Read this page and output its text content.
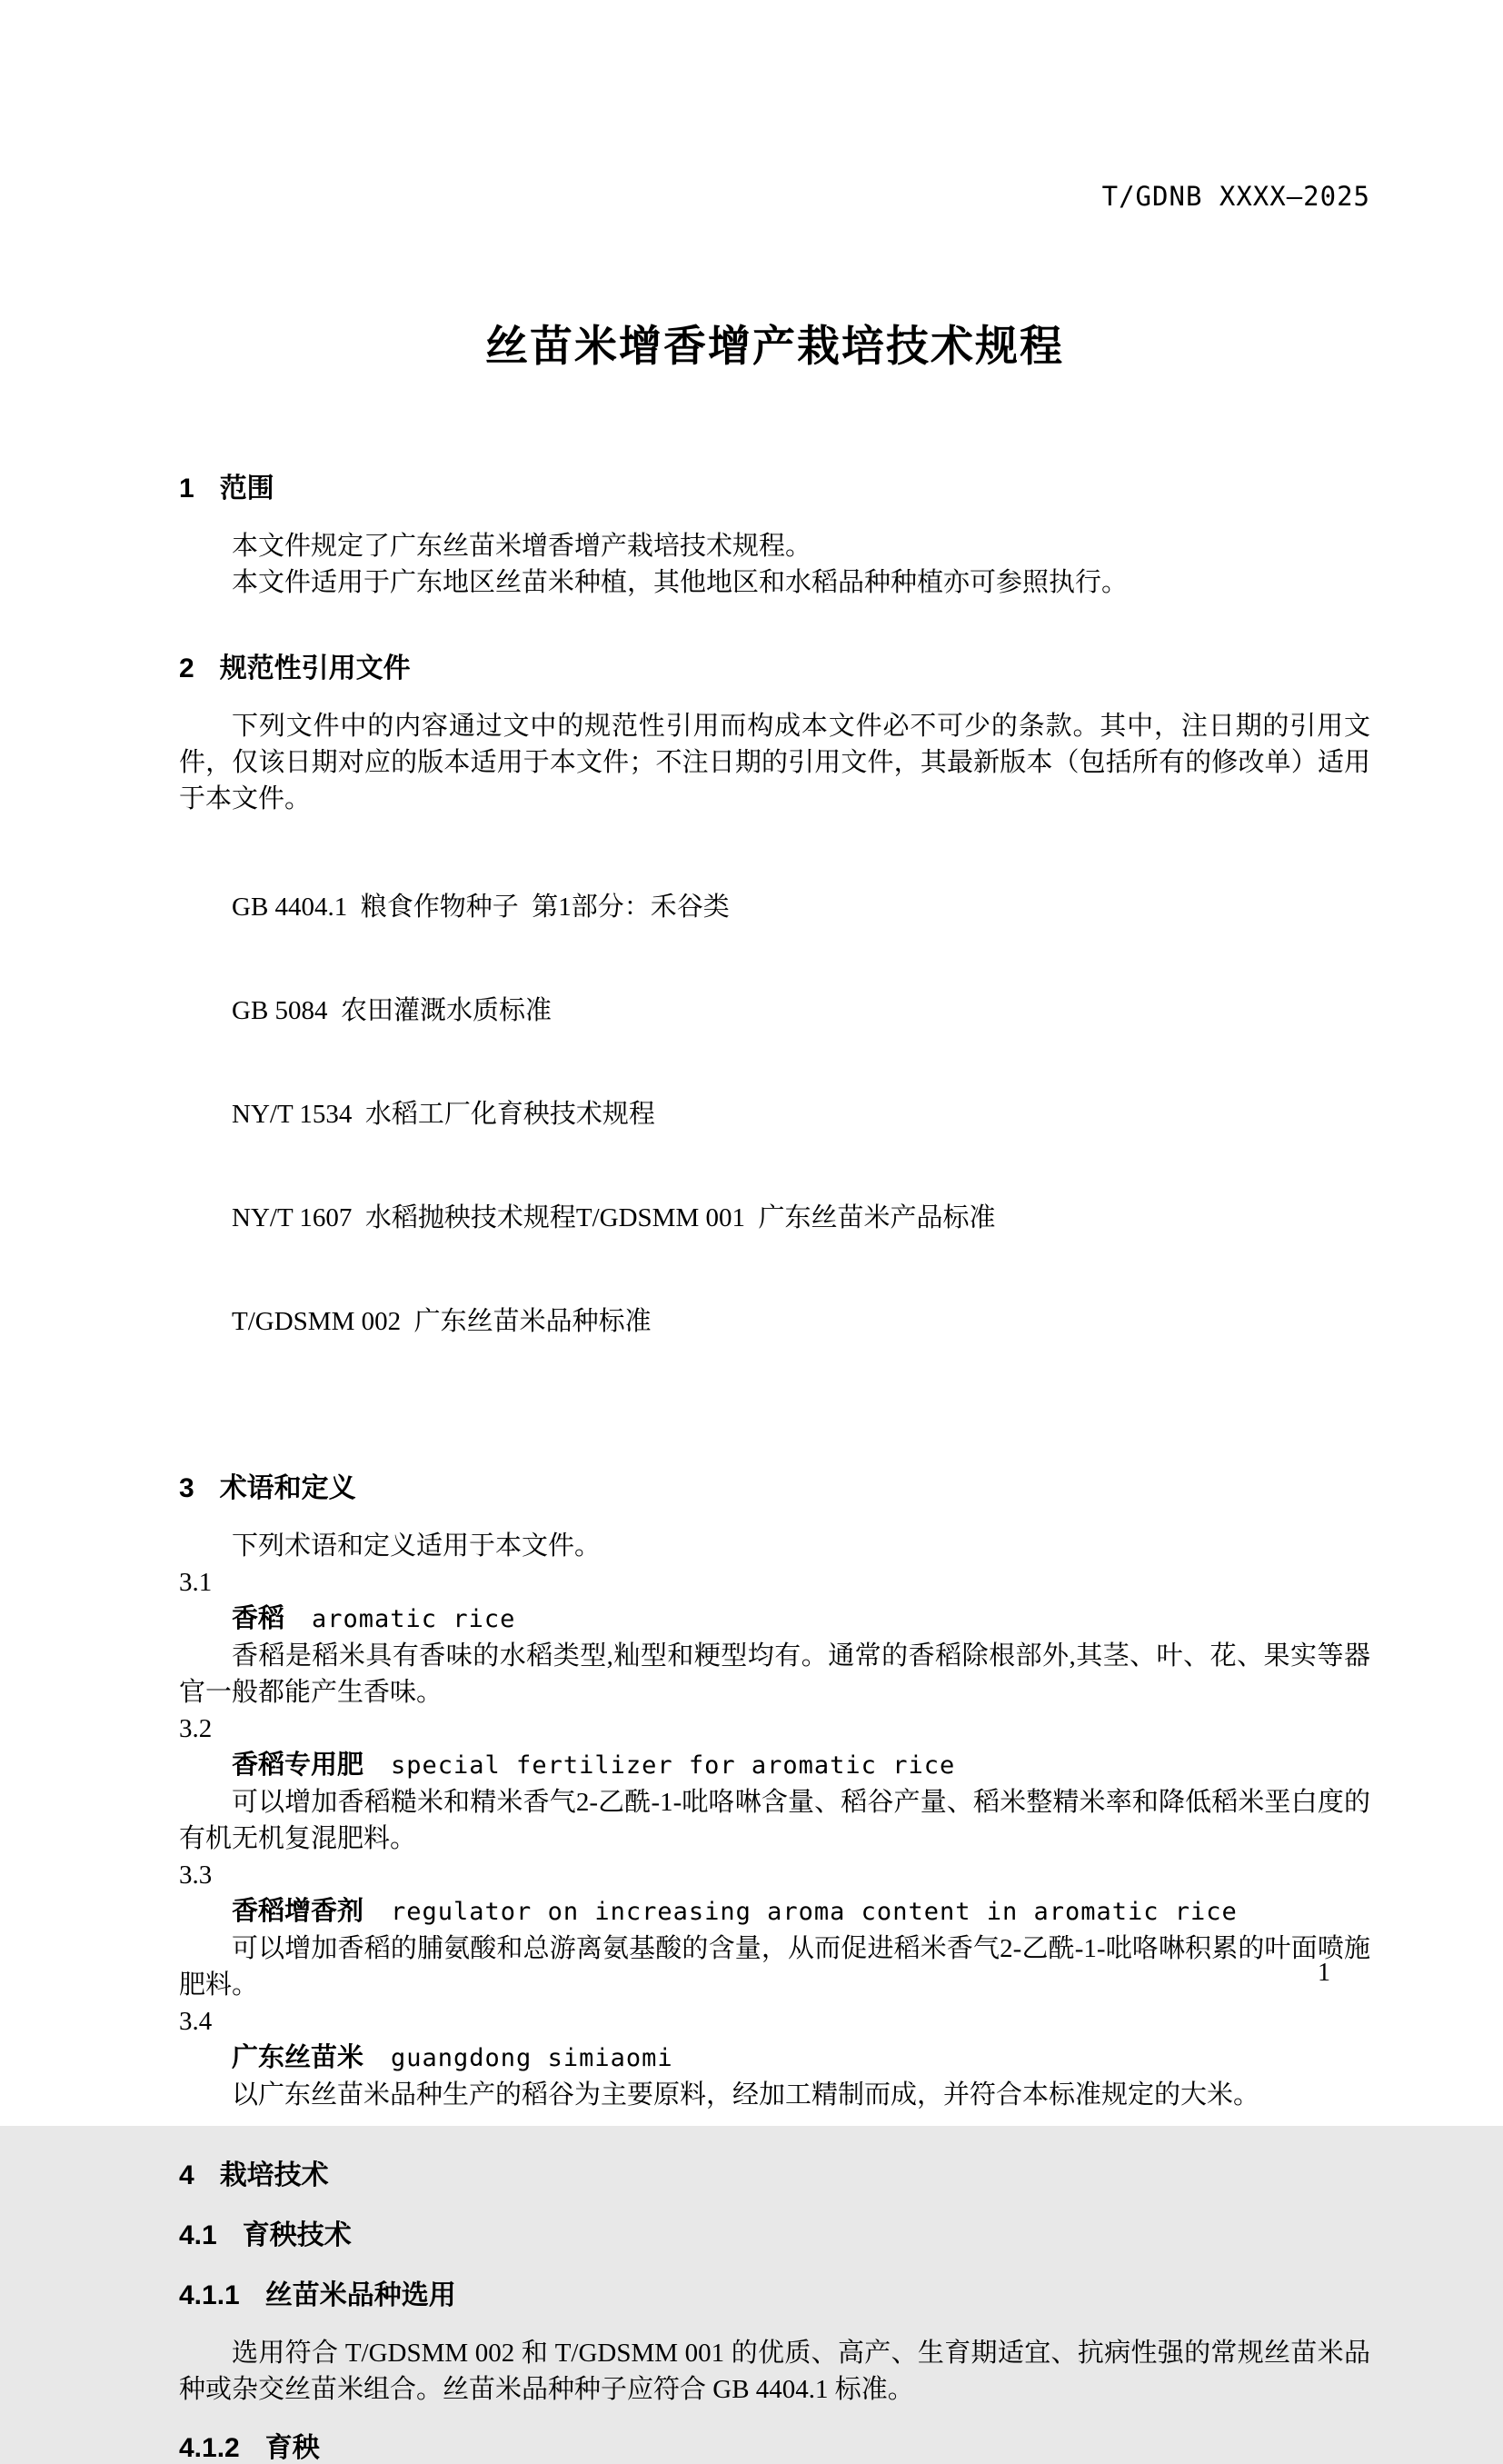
T/GDNB XXXX—2025
丝苗米增香增产栽培技术规程
1 范围

本文件规定了广东丝苗米增香增产栽培技术规程。

本文件适用于广东地区丝苗米种植，其他地区和水稻品种种植亦可参照执行。

2 规范性引用文件

下列文件中的内容通过文中的规范性引用而构成本文件必不可少的条款。其中，注日期的引用文件，仅该日期对应的版本适用于本文件；不注日期的引用文件，其最新版本（包括所有的修改单）适用于本文件。

GB 4404.1  粮食作物种子  第1部分：禾谷类

GB 5084  农田灌溉水质标准

NY/T 1534  水稻工厂化育秧技术规程

NY/T 1607  水稻抛秧技术规程T/GDSMM 001  广东丝苗米产品标准

T/GDSMM 002  广东丝苗米品种标准

3 术语和定义

下列术语和定义适用于本文件。

3.1
香稻 aromatic rice

香稻是稻米具有香味的水稻类型,籼型和粳型均有。通常的香稻除根部外,其茎、叶、花、果实等器官一般都能产生香味。

3.2
香稻专用肥 special fertilizer for aromatic rice

可以增加香稻糙米和精米香气2-乙酰-1-吡咯啉含量、稻谷产量、稻米整精米率和降低稻米垩白度的有机无机复混肥料。

3.3
香稻增香剂 regulator on increasing aroma content in aromatic rice

可以增加香稻的脯氨酸和总游离氨基酸的含量，从而促进稻米香气2-乙酰-1-吡咯啉积累的叶面喷施肥料。

3.4
广东丝苗米 guangdong simiaomi

以广东丝苗米品种生产的稻谷为主要原料，经加工精制而成，并符合本标准规定的大米。

4 栽培技术
4.1 育秧技术
4.1.1 丝苗米品种选用

选用符合 T/GDSMM 002 和 T/GDSMM 001 的优质、高产、生育期适宜、抗病性强的常规丝苗米品种或杂交丝苗米组合。丝苗米品种种子应符合 GB 4404.1 标准。

4.1.2 育秧
1
